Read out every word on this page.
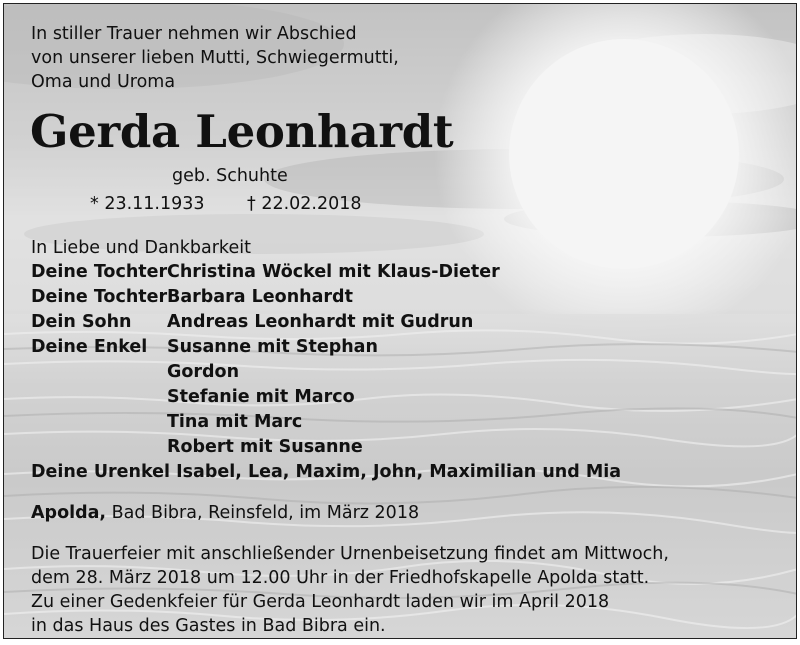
In stiller Trauer nehmen wir Abschied
von unserer lieben Mutti, Schwiegermutti,
Oma und Uroma
Gerda Leonhardt
geb. Schuhte
* 23.11.1933 † 22.02.2018
In Liebe und Dankbarkeit
Deine Tochter Christina Wöckel mit Klaus-Dieter
Deine Tochter Barbara Leonhardt
Dein Sohn Andreas Leonhardt mit Gudrun
Deine Enkel Susanne mit Stephan
Gordon
Stefanie mit Marco
Tina mit Marc
Robert mit Susanne
Deine Urenkel Isabel, Lea, Maxim, John, Maximilian und Mia
Apolda, Bad Bibra, Reinsfeld, im März 2018
Die Trauerfeier mit anschließender Urnenbeisetzung findet am Mittwoch,
dem 28. März 2018 um 12.00 Uhr in der Friedhofskapelle Apolda statt.
Zu einer Gedenkfeier für Gerda Leonhardt laden wir im April 2018
in das Haus des Gastes in Bad Bibra ein.
